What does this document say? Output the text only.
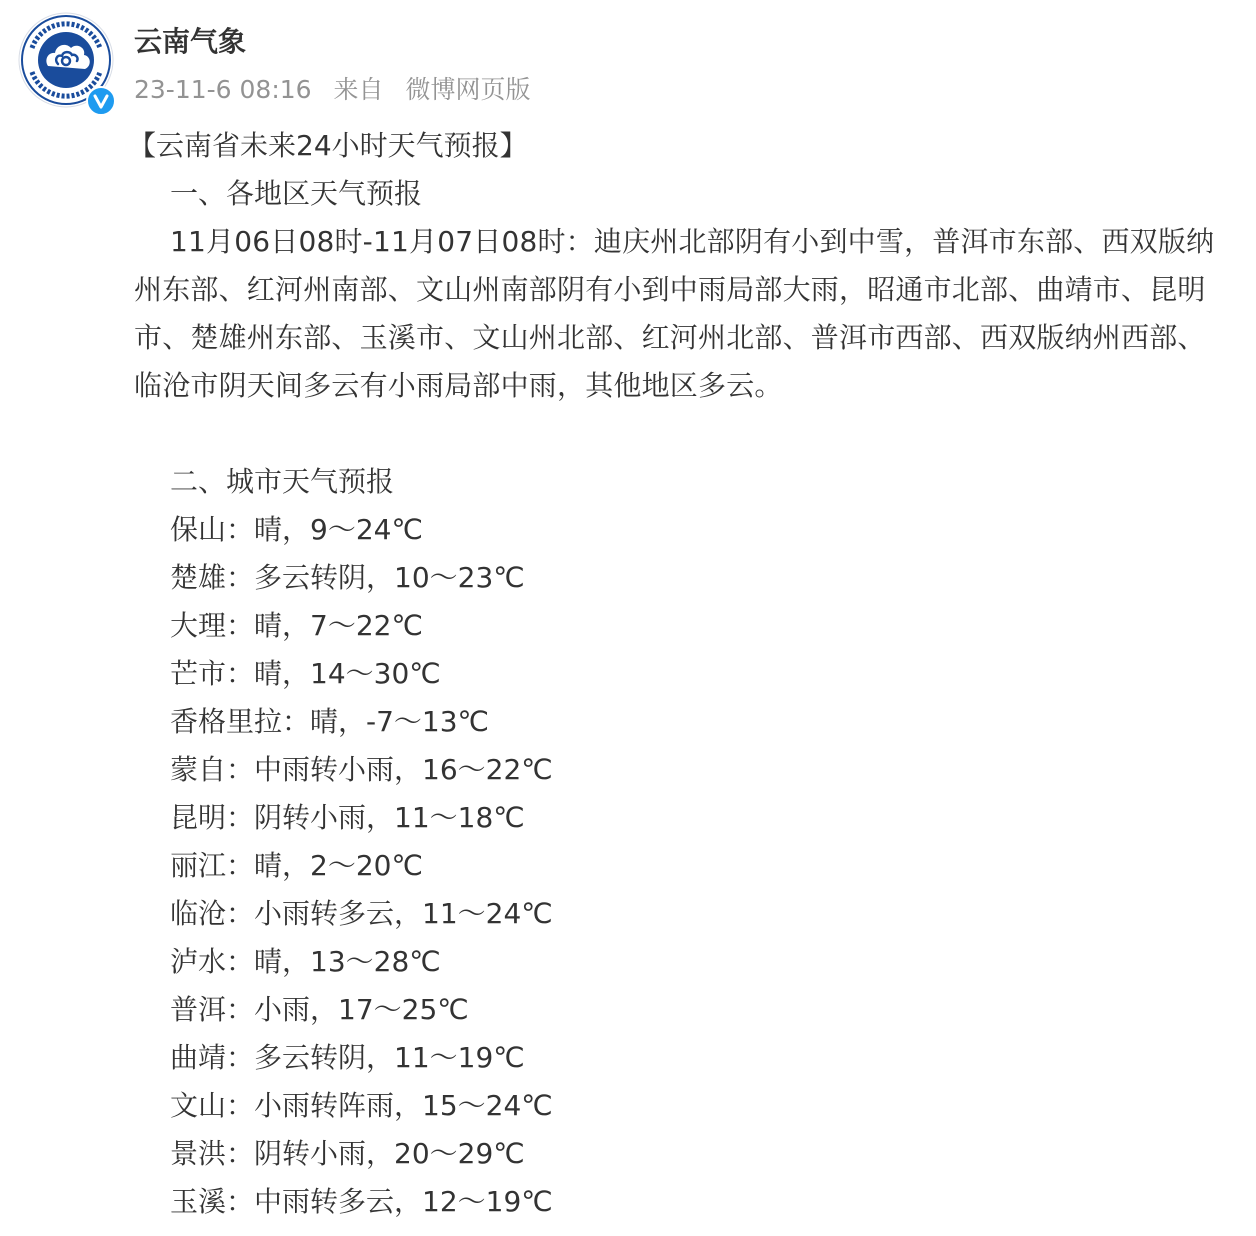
云南气象
23-11-6 08:16 来自 微博网页版
【云南省未来24小时天气预报】
一、各地区天气预报

11月06日08时-11月07日08时：迪庆州北部阴有小到中雪，普洱市东部、西双版纳州东部、红河州南部、文山州南部阴有小到中雨局部大雨，昭通市北部、曲靖市、昆明市、楚雄州东部、玉溪市、文山州北部、红河州北部、普洱市西部、西双版纳州西部、临沧市阴天间多云有小雨局部中雨，其他地区多云。

二、城市天气预报
保山：晴，9～24℃
楚雄：多云转阴，10～23℃
大理：晴，7～22℃
芒市：晴，14～30℃
香格里拉：晴，-7～13℃
蒙自：中雨转小雨，16～22℃
昆明：阴转小雨，11～18℃
丽江：晴，2～20℃
临沧：小雨转多云，11～24℃
泸水：晴，13～28℃
普洱：小雨，17～25℃
曲靖：多云转阴，11～19℃
文山：小雨转阵雨，15～24℃
景洪：阴转小雨，20～29℃
玉溪：中雨转多云，12～19℃
